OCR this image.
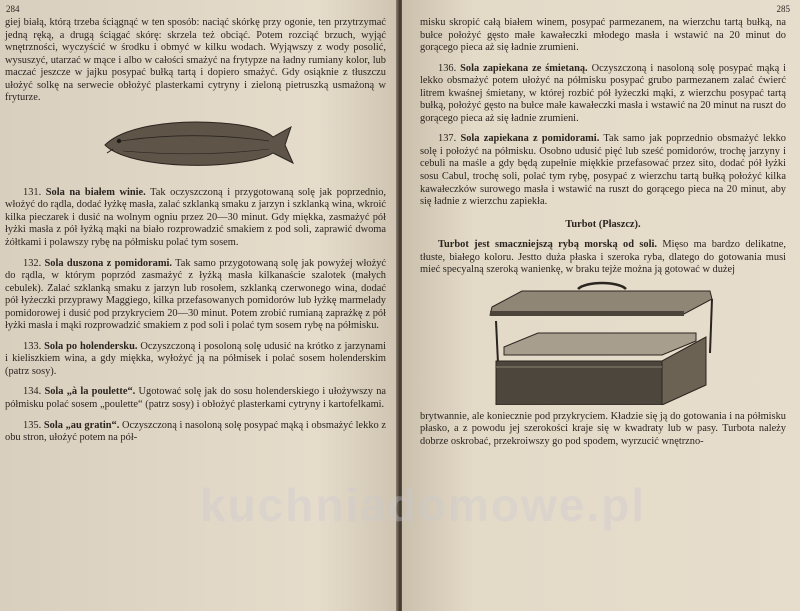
284

giej białą, którą trzeba ściągnąć w ten sposób: naciąć skórkę przy ogonie, ten przytrzymać jedną ręką, a drugą ściągać skórę: skrzela też obciąć. Potem rozciąć brzuch, wyjąć wnętrzności, wyczyścić w środku i obmyć w kilku wodach. Wyjąwszy z wody posolić, wysuszyć, utarzać w mące i albo w całości smażyć na frytурze na ładny rumiany kolor, lub maczać jeszcze w jajku posypać bułką tartą i dopiero smażyć. Gdy osiąknie z tłuszczu ułożyć solkę na serwecie obłożyć plasterkami cytryny i zieloną pietruszką usmażoną w fryturze.

131. Sola na białem winie. Tak oczyszczoną i przygotowaną solę jak poprzednio, włożyć do rądla, dodać łyżkę masła, zalać szklanką smaku z jarzyn i szklanką wina, wkroić kilka pieczarek i dusić na wolnym ogniu przez 20—30 minut. Gdy miękka, zasmażyć pół łyżki masła z pół łyżką mąki na biało rozprowadzić smakiem z pod soli, zaprawić dwoma żółtkami i polawszy rybę na półmisku polać tym sosem.

132. Sola duszona z pomidorami. Tak samo przygotowaną solę jak powyżej włożyć do rądla, w którym poprzód zasmażyć z łyżką masła kilkanaście szalotek (małych cebulek). Zalać szklanką smaku z jarzyn lub rosołem, szklanką czerwonego wina, dodać pół łyżeczki przyprawy Maggiego, kilka przefasowanych pomidorów lub łyżkę marmelady pomidorowej i dusić pod przykryciem 20—30 minut. Potem zrobić rumianą zaprażkę z pół łyżki masła i mąki rozprowadzić smakiem z pod soli i polać tym sosem rybę na półmisku.

133. Sola po holendersku. Oczyszczoną i posoloną solę udusić na krótko z jarzynami i kieliszkiem wina, a gdy miękka, wyłożyć ją na półmisek i polać sosem holenderskim (patrz sosy).

134. Sola „à la poulette“. Ugotować solę jak do sosu holenderskiego i ułożywszy na półmisku polać sosem „poulette“ (patrz sosy) i obłożyć plasterkami cytryny i kartofelkami.

135. Sola „au gratin“. Oczyszczoną i nasoloną solę posypać mąką i obsmażyć lekko z obu stron, ułożyć potem na pół-

285

misku skropić całą białem winem, posypać parmezanem, na wierzchu tartą bułką, na bułce położyć gęsto małe kawałeczki młodego masła i wstawić na 20 minut do gorącego pieca aż się ładnie zrumieni.

136. Sola zapiekana ze śmietaną. Oczyszczoną i nasoloną solę posypać mąką i lekko obsmażyć potem ułożyć na półmisku posypać grubo parmezanem zalać ćwierć litrem kwaśnej śmietany, w której rozbić pół łyżeczki mąki, z wierzchu posypać tartą bułką, położyć gęsto na bułce małe kawałeczki masła i wstawić na 20 minut na ruszt do gorącego pieca aż się ładnie zrumieni.

137. Sola zapiekana z pomidorami. Tak samo jak poprzednio obsmażyć lekko solę i położyć na półmisku. Osobno udusić pięć lub sześć pomidorów, trochę jarzyny i cebuli na maśle a gdy będą zupełnie miękkie przefasować przez sito, dodać pół łyżki sosu Cabul, trochę soli, polać tym rybę, posypać z wierzchu tartą bułką położyć kilka kawałeczków surowego masła i wstawić na ruszt do gorącego pieca na 20 minut, aby się ładnie z wierzchu zapiekła.

Turbot (Płaszcz).

Turbot jest smaczniejszą rybą morską od soli. Mięso ma bardzo delikatne, tłuste, białego koloru. Jestto duża płaska i szeroka ryba, dlatego do gotowania musi mieć specyalną szeroką wanienkę, w braku tejże można ją gotować w dużej

brytwannie, ale koniecznie pod przykryciem. Kładzie się ją do gotowania i na półmisku płasko, a z powodu jej szerokości kraje się w kwadraty lub w pasy. Turbota należy dobrze oskrobać, przekroiwszy go pod spodem, wyrzucić wnętrzno-

kuchniadomowe.pl
